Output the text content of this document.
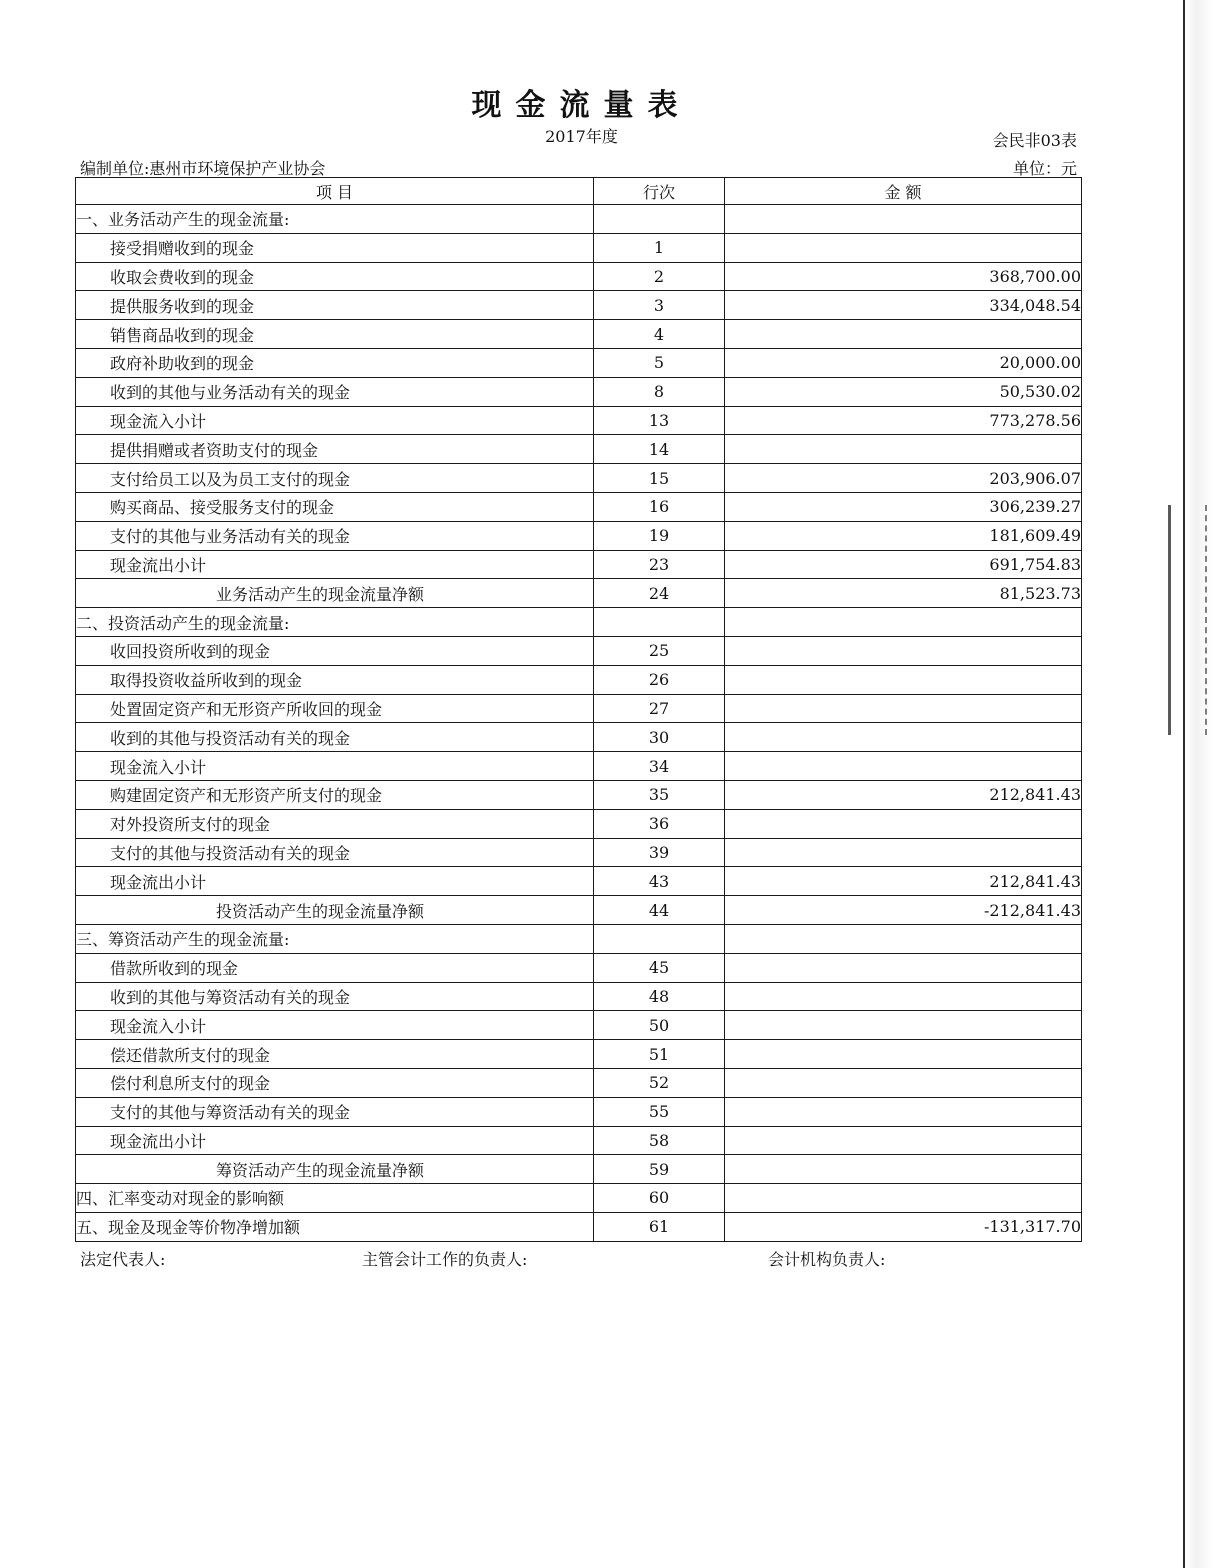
现金流量表
2017年度	会民非03表
编制单位:惠州市环境保护产业协会	单位：元
项 目	行次	金 额
一、业务活动产生的现金流量:		
接受捐赠收到的现金	1	
收取会费收到的现金	2	368,700.00
提供服务收到的现金	3	334,048.54
销售商品收到的现金	4	
政府补助收到的现金	5	20,000.00
收到的其他与业务活动有关的现金	8	50,530.02
现金流入小计	13	773,278.56
提供捐赠或者资助支付的现金	14	
支付给员工以及为员工支付的现金	15	203,906.07
购买商品、接受服务支付的现金	16	306,239.27
支付的其他与业务活动有关的现金	19	181,609.49
现金流出小计	23	691,754.83
业务活动产生的现金流量净额	24	81,523.73
二、投资活动产生的现金流量:		
收回投资所收到的现金	25	
取得投资收益所收到的现金	26	
处置固定资产和无形资产所收回的现金	27	
收到的其他与投资活动有关的现金	30	
现金流入小计	34	
购建固定资产和无形资产所支付的现金	35	212,841.43
对外投资所支付的现金	36	
支付的其他与投资活动有关的现金	39	
现金流出小计	43	212,841.43
投资活动产生的现金流量净额	44	-212,841.43
三、筹资活动产生的现金流量:		
借款所收到的现金	45	
收到的其他与筹资活动有关的现金	48	
现金流入小计	50	
偿还借款所支付的现金	51	
偿付利息所支付的现金	52	
支付的其他与筹资活动有关的现金	55	
现金流出小计	58	
筹资活动产生的现金流量净额	59	
四、汇率变动对现金的影响额	60	
五、现金及现金等价物净增加额	61	-131,317.70
法定代表人:	主管会计工作的负责人:	会计机构负责人:
